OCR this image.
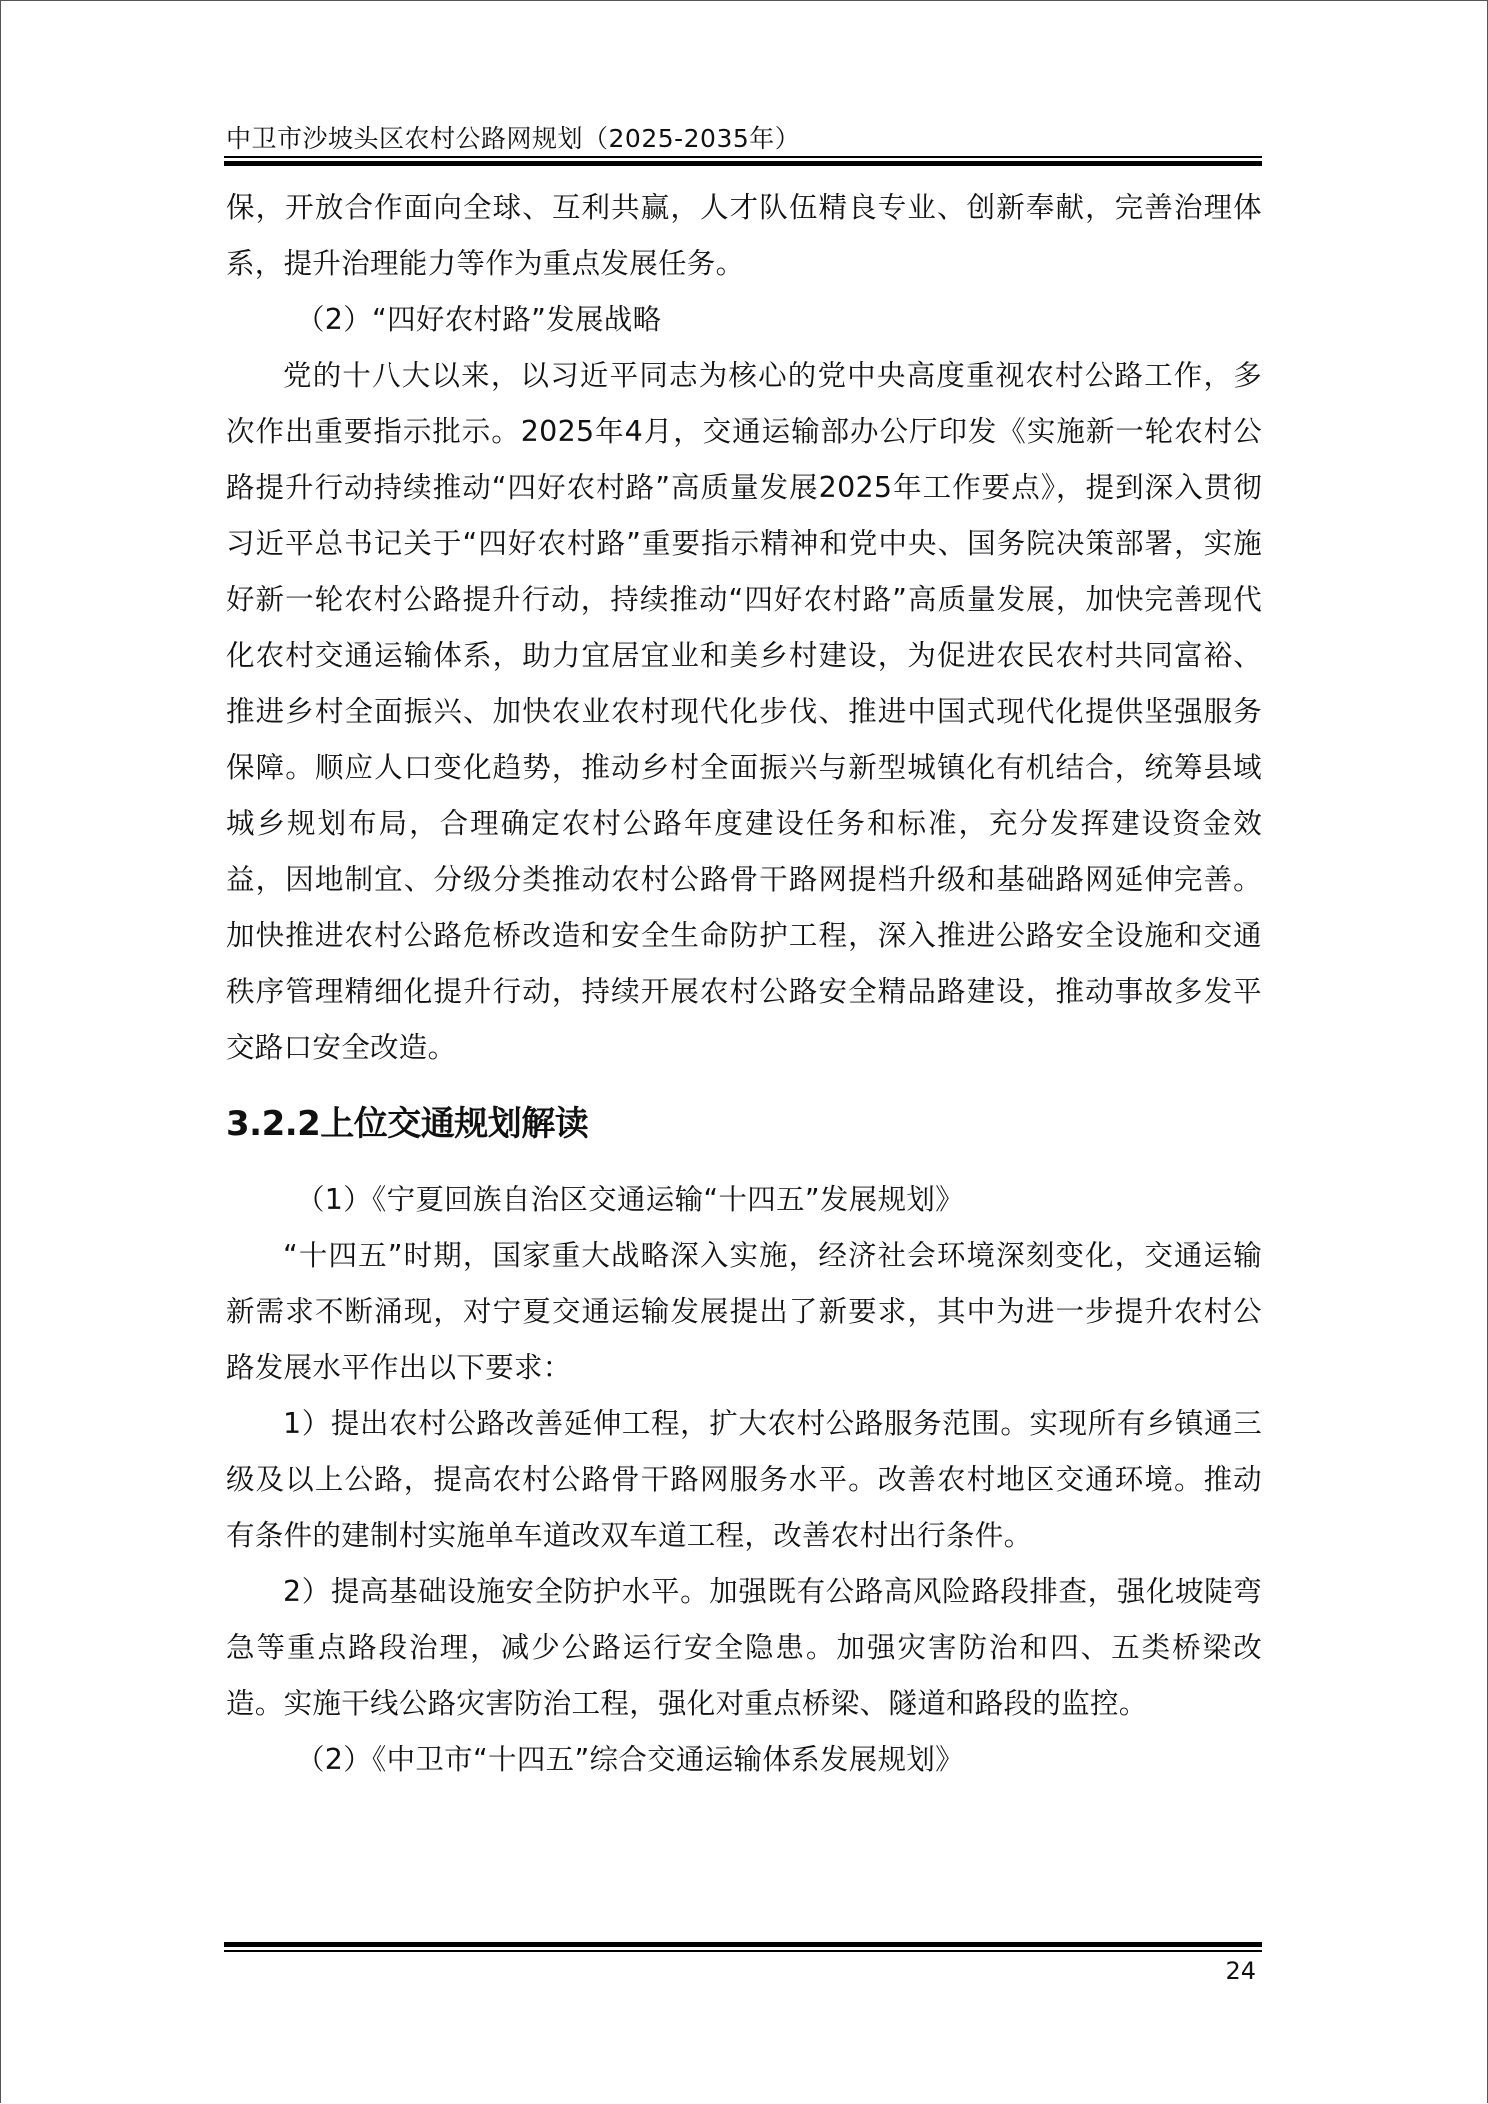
中卫市沙坡头区农村公路网规划（2025-2035年）

保，开放合作面向全球、互利共赢，人才队伍精良专业、创新奉献，完善治理体系，提升治理能力等作为重点发展任务。

（2）“四好农村路”发展战略

党的十八大以来，以习近平同志为核心的党中央高度重视农村公路工作，多次作出重要指示批示。2025年4月，交通运输部办公厅印发《实施新一轮农村公路提升行动持续推动“四好农村路”高质量发展2025年工作要点》，提到深入贯彻习近平总书记关于“四好农村路”重要指示精神和党中央、国务院决策部署，实施好新一轮农村公路提升行动，持续推动“四好农村路”高质量发展，加快完善现代化农村交通运输体系，助力宜居宜业和美乡村建设，为促进农民农村共同富裕、推进乡村全面振兴、加快农业农村现代化步伐、推进中国式现代化提供坚强服务保障。顺应人口变化趋势，推动乡村全面振兴与新型城镇化有机结合，统筹县域城乡规划布局，合理确定农村公路年度建设任务和标准，充分发挥建设资金效益，因地制宜、分级分类推动农村公路骨干路网提档升级和基础路网延伸完善。加快推进农村公路危桥改造和安全生命防护工程，深入推进公路安全设施和交通秩序管理精细化提升行动，持续开展农村公路安全精品路建设，推动事故多发平交路口安全改造。

3.2.2上位交通规划解读

（1）《宁夏回族自治区交通运输“十四五”发展规划》

“十四五”时期，国家重大战略深入实施，经济社会环境深刻变化，交通运输新需求不断涌现，对宁夏交通运输发展提出了新要求，其中为进一步提升农村公路发展水平作出以下要求：

1）提出农村公路改善延伸工程，扩大农村公路服务范围。实现所有乡镇通三级及以上公路，提高农村公路骨干路网服务水平。改善农村地区交通环境。推动有条件的建制村实施单车道改双车道工程，改善农村出行条件。

2）提高基础设施安全防护水平。加强既有公路高风险路段排查，强化坡陡弯急等重点路段治理，减少公路运行安全隐患。加强灾害防治和四、五类桥梁改造。实施干线公路灾害防治工程，强化对重点桥梁、隧道和路段的监控。

（2）《中卫市“十四五”综合交通运输体系发展规划》

24
